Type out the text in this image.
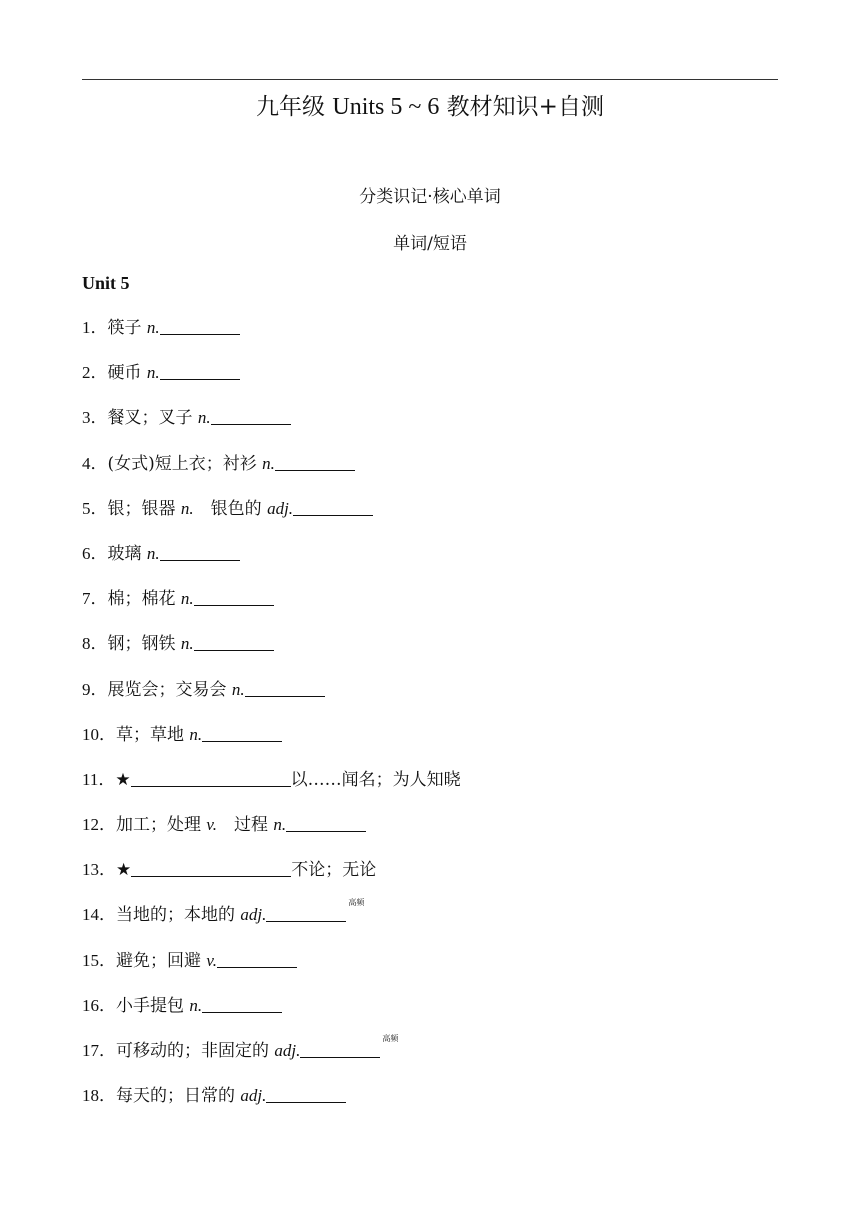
九年级 Units 5 ~ 6 教材知识+自测
分类识记·核心单词
单词/短语
Unit 5
1．筷子 n.
2．硬币 n.
3．餐叉；叉子 n.
4．(女式)短上衣；衬衫 n.
5．银；银器 n.　银色的 adj.
6．玻璃 n.
7．棉；棉花 n.
8．钢；钢铁 n.
9．展览会；交易会 n.
10．草；草地 n.
11．★	以……闻名；为人知晓
12．加工；处理 v.　过程 n.
13．★	不论；无论
14．当地的；本地的 adj.$^{高频}$
15．避免；回避 v.
16．小手提包 n.
17．可移动的；非固定的 adj.$^{高频}$
18．每天的；日常的 adj.
